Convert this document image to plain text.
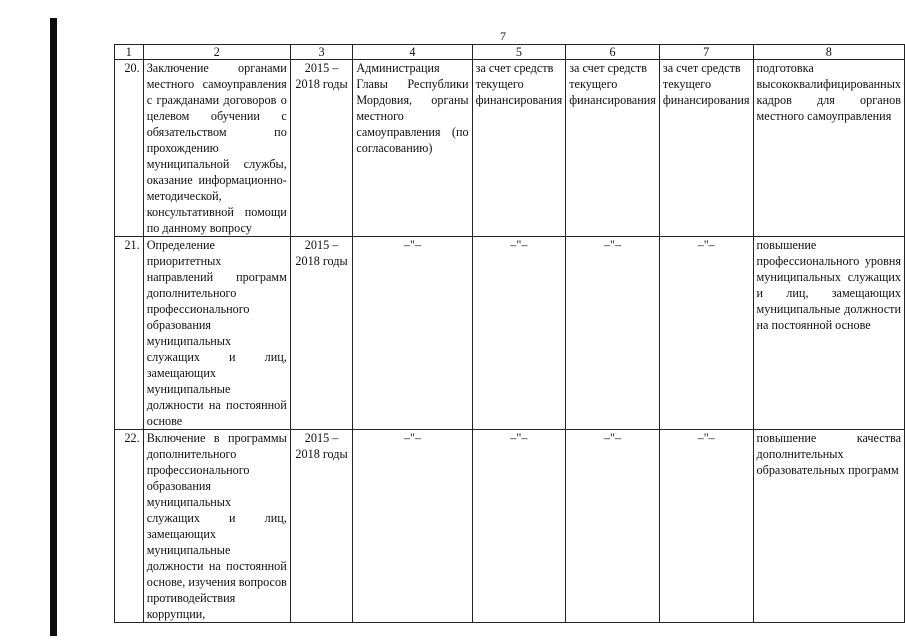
7
1	2	3	4	5	6	7	8
20.	Заключение органами местного самоуправления с гражданами договоров о целевом обучении с обязательством по прохождению муниципальной службы, оказание информационно-методической, консультативной помощи по данному вопросу	2015 – 2018 годы	Администрация Главы Республики Мордовия, органы местного самоуправления (по согласованию)	за счет средств текущего финансирования	за счет средств текущего финансирования	за счет средств текущего финансирования	подготовка высококвалифицированных кадров для органов местного самоуправления
21.	Определение приоритетных направлений программ дополнительного профессионального образования муниципальных служащих и лиц, замещающих муниципальные должности на постоянной основе	2015 – 2018 годы	–"–	–"–	–"–	–"–	повышение профессионального уровня муниципальных служащих и лиц, замещающих муниципальные должности на постоянной основе
22.	Включение в программы дополнительного профессионального образования муниципальных служащих и лиц, замещающих муниципальные должности на постоянной основе, изучения вопросов противодействия коррупции,	2015 – 2018 годы	–"–	–"–	–"–	–"–	повышение качества дополнительных образовательных программ
